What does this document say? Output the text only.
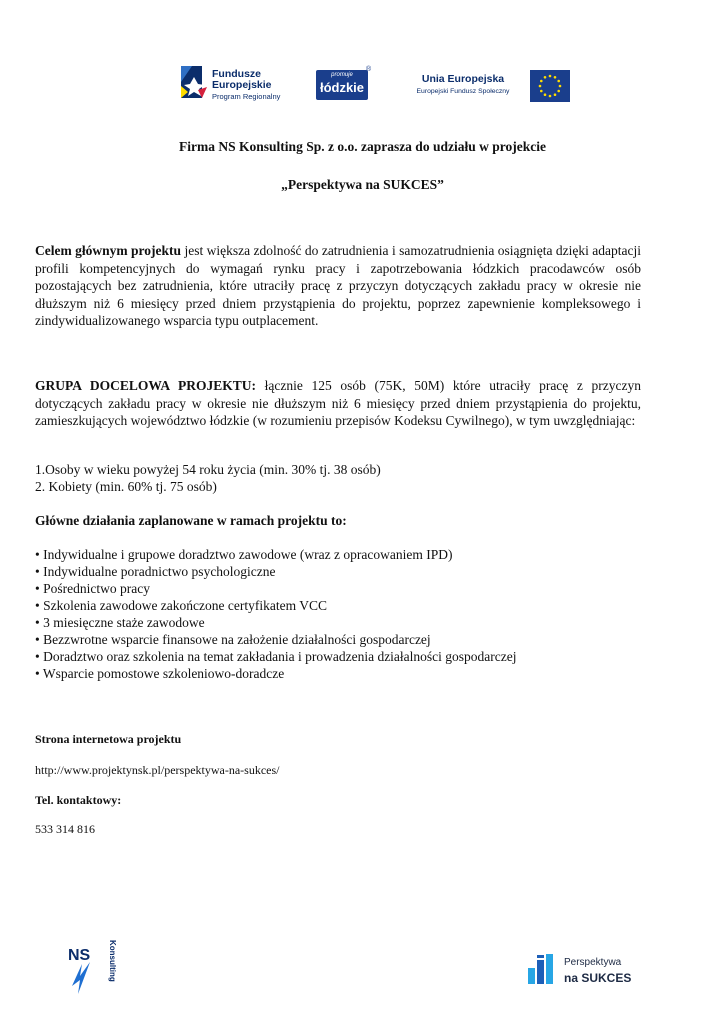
Fundusze
Europejskie
Program Regionalny
promuje
łódzkie
®
Unia Europejska
Europejski Fundusz Społeczny
Firma NS Konsulting Sp. z o.o. zaprasza do udziału w projekcie
„Perspektywa na SUKCES”

Celem głównym projektu jest większa zdolność do zatrudnienia i samozatrudnienia osiągnięta dzięki adaptacji profili kompetencyjnych do wymagań rynku pracy i zapotrzebowania łódzkich pracodawców osób pozostających bez zatrudnienia, które utraciły pracę z przyczyn dotyczących zakładu pracy w okresie nie dłuższym niż 6 miesięcy przed dniem przystąpienia do projektu, poprzez zapewnienie kompleksowego i zindywidualizowanego wsparcia typu outplacement.

GRUPA DOCELOWA PROJEKTU: łącznie 125 osób (75K, 50M) które utraciły pracę z przyczyn dotyczących zakładu pracy w okresie nie dłuższym niż 6 miesięcy przed dniem przystąpienia do projektu, zamieszkujących województwo łódzkie (w rozumieniu przepisów Kodeksu Cywilnego), w tym uwzględniając:

1.Osoby w wieku powyżej 54 roku życia (min. 30% tj. 38 osób)
2. Kobiety (min. 60% tj. 75 osób)
Główne działania zaplanowane w ramach projektu to:
• Indywidualne i grupowe doradztwo zawodowe (wraz z opracowaniem IPD)
• Indywidualne poradnictwo psychologiczne
• Pośrednictwo pracy
• Szkolenia zawodowe zakończone certyfikatem VCC
• 3 miesięczne staże zawodowe
• Bezzwrotne wsparcie finansowe na założenie działalności gospodarczej
• Doradztwo oraz szkolenia na temat zakładania i prowadzenia działalności gospodarczej
• Wsparcie pomostowe szkoleniowo-doradcze
Strona internetowa projektu
http://www.projektynsk.pl/perspektywa-na-sukces/
Tel. kontaktowy:
533 314 816
NS Konsulting	Perspektywa
na SUKCES
